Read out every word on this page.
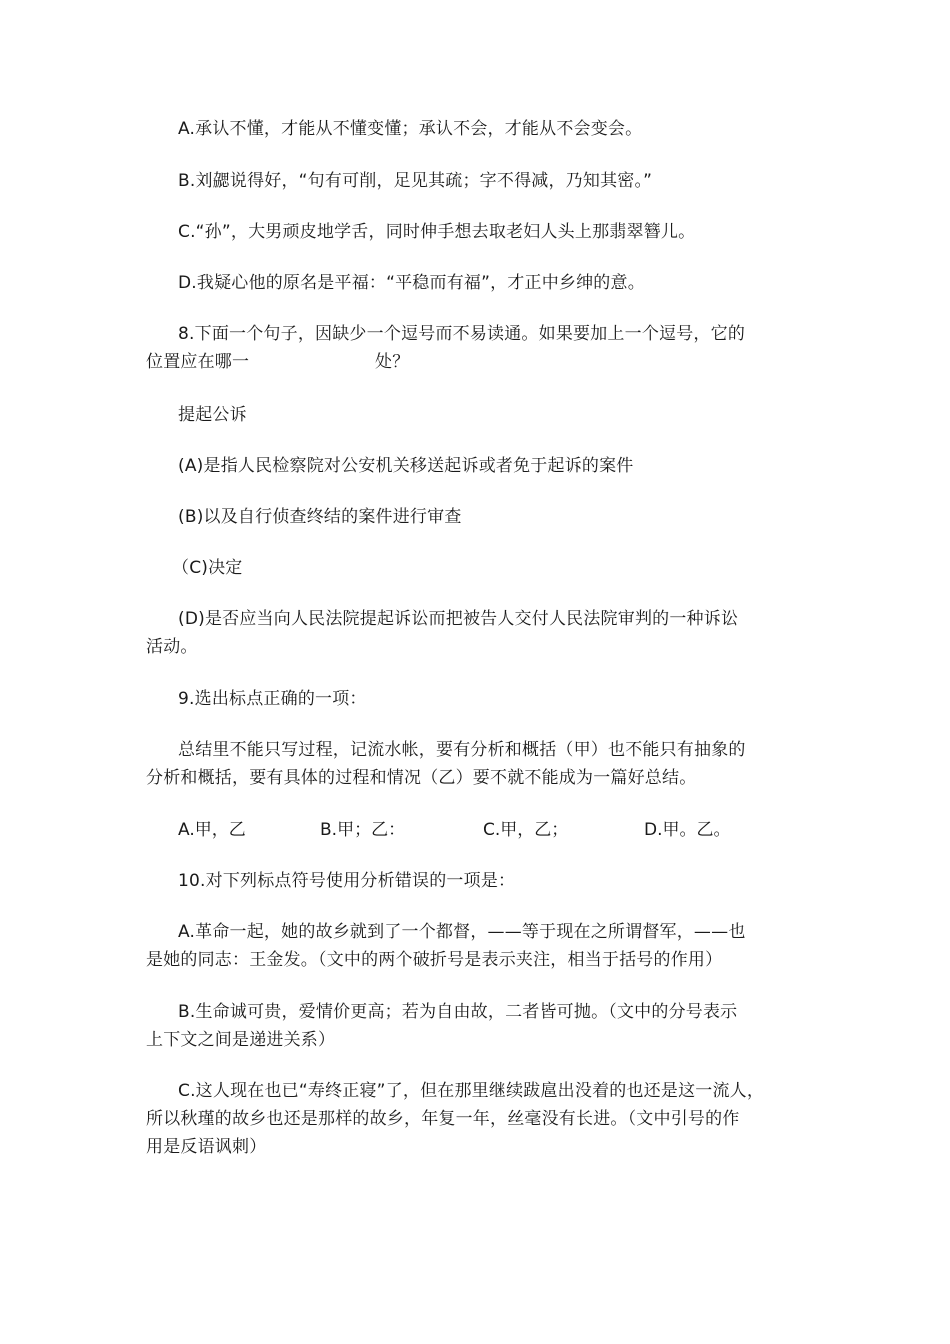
A.承认不懂，才能从不懂变懂；承认不会，才能从不会变会。
B.刘勰说得好，“句有可削，足见其疏；字不得减，乃知其密。”
C.“孙”，大男顽皮地学舌，同时伸手想去取老妇人头上那翡翠簪儿。
D.我疑心他的原名是平福：“平稳而有福”，才正中乡绅的意。
8.下面一个句子，因缺少一个逗号而不易读通。如果要加上一个逗号，它的
位置应在哪一	处？
提起公诉
(A)是指人民检察院对公安机关移送起诉或者免于起诉的案件
(B)以及自行侦查终结的案件进行审查
（C)决定
(D)是否应当向人民法院提起诉讼而把被告人交付人民法院审判的一种诉讼
活动。
9.选出标点正确的一项：
总结里不能只写过程，记流水帐，要有分析和概括（甲）也不能只有抽象的
分析和概括，要有具体的过程和情况（乙）要不就不能成为一篇好总结。
A.甲，乙	B.甲；乙：	C.甲，乙；	D.甲。乙。
10.对下列标点符号使用分析错误的一项是：
A.革命一起，她的故乡就到了一个都督，——等于现在之所谓督军，——也
是她的同志：王金发。（文中的两个破折号是表示夹注，相当于括号的作用）
B.生命诚可贵，爱情价更高；若为自由故，二者皆可抛。（文中的分号表示
上下文之间是递进关系）
C.这人现在也已“寿终正寝”了，但在那里继续跋扈出没着的也还是这一流人，
所以秋瑾的故乡也还是那样的故乡，年复一年，丝毫没有长进。（文中引号的作
用是反语讽刺）
